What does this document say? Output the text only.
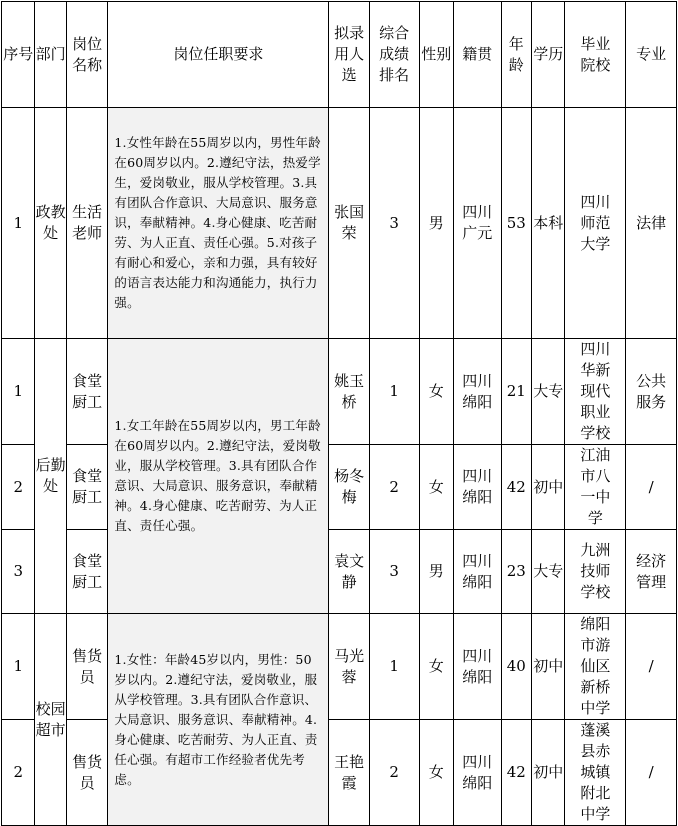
序号	部门	岗位名称	岗位任职要求	拟录用人选	综合成绩排名	性别	籍贯	年龄	学历	毕业院校	专业
1	政教处	生活老师	1.女性年龄在55周岁以内，男性年龄在60周岁以内。2.遵纪守法，热爱学生，爱岗敬业，服从学校管理。3.具有团队合作意识、大局意识、服务意识，奉献精神。4.身心健康、吃苦耐劳、为人正直、责任心强。5.对孩子有耐心和爱心，亲和力强，具有较好的语言表达能力和沟通能力，执行力强。	张国荣	3	男	四川广元	53	本科	四川师范大学	法律
1	后勤处	食堂厨工	1.女工年龄在55周岁以内，男工年龄在60周岁以内。2.遵纪守法，爱岗敬业，服从学校管理。3.具有团队合作意识、大局意识、服务意识，奉献精神。4.身心健康、吃苦耐劳、为人正直、责任心强。	姚玉桥	1	女	四川绵阳	21	大专	四川华新现代职业学校	公共服务
2		食堂厨工		杨冬梅	2	女	四川绵阳	42	初中	江油市八一中学	/
3		食堂厨工		袁文静	3	男	四川绵阳	23	大专	九洲技师学校	经济管理
1	校园超市	售货员	1.女性：年龄45岁以内，男性：50岁以内。2.遵纪守法，爱岗敬业，服从学校管理。3.具有团队合作意识、大局意识、服务意识、奉献精神。4.身心健康、吃苦耐劳、为人正直、责任心强。有超市工作经验者优先考虑。	马光蓉	1	女	四川绵阳	40	初中	绵阳市游仙区新桥中学	/
2		售货员		王艳霞	2	女	四川绵阳	42	初中	蓬溪县赤城镇附北中学	/
